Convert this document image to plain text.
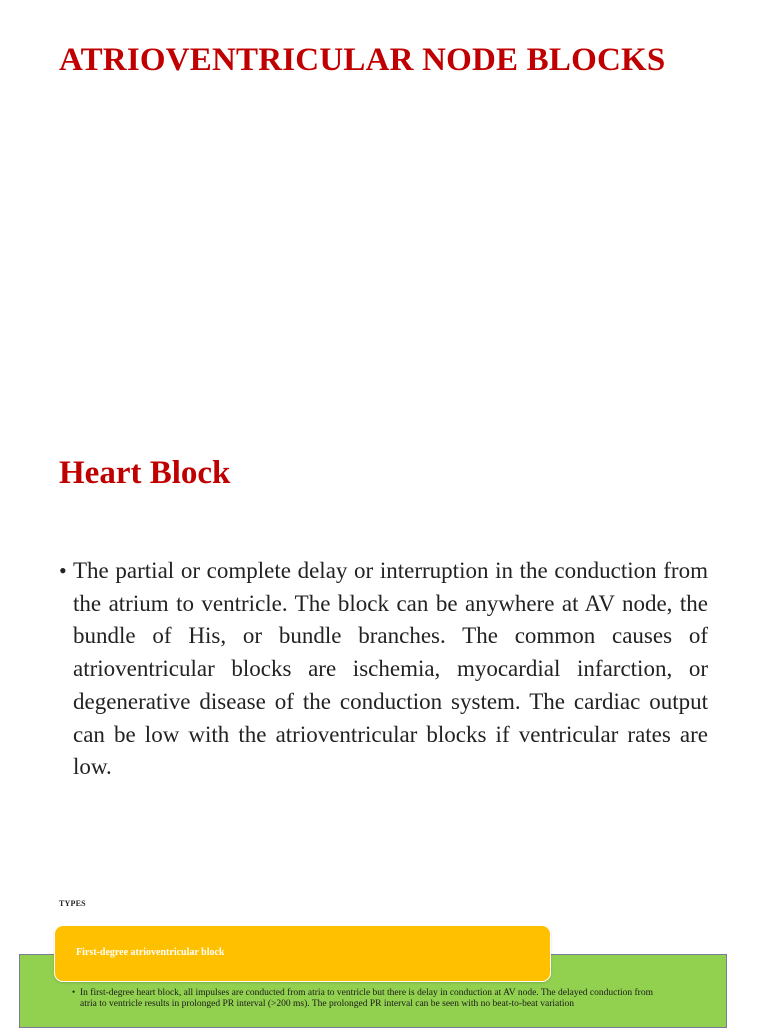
ATRIOVENTRICULAR NODE BLOCKS
Heart Block
• The partial or complete delay or interruption in the conduction from the atrium to ventricle. The block can be anywhere at AV node, the bundle of His, or bundle branches. The common causes of atrioventricular blocks are ischemia, myocardial infarction, or degenerative disease of the conduction system. The cardiac output can be low with the atrioventricular blocks if ventricular rates are low.
TYPES
• In first-degree heart block, all impulses are conducted from atria to ventricle but there is delay in conduction at AV node. The delayed conduction from atria to ventricle results in prolonged PR interval (>200 ms). The prolonged PR interval can be seen with no beat-to-beat variation
First-degree atrioventricular block
